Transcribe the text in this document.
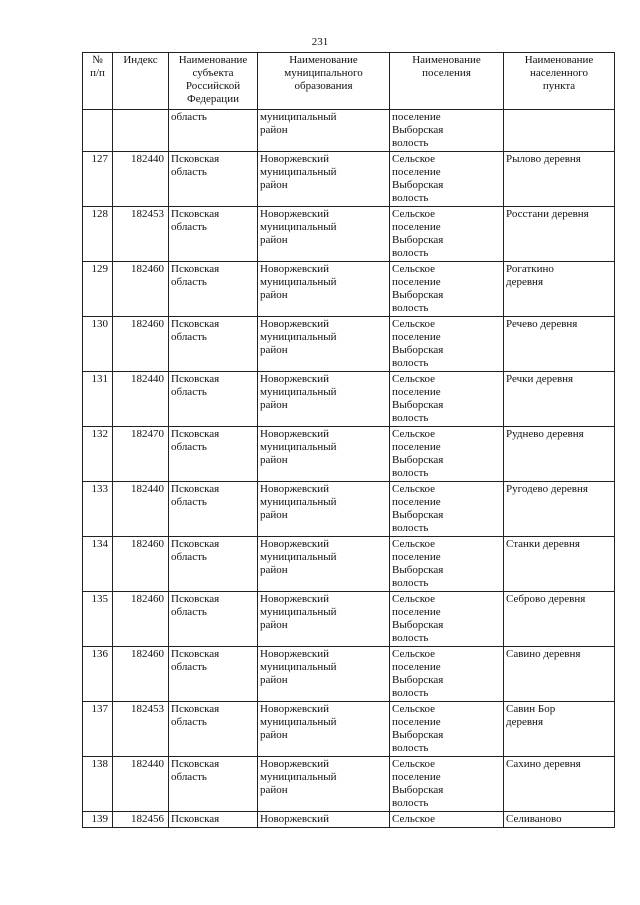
231
№
п/п	Индекс	Наименование
субъекта
Российской
Федерации	Наименование
муниципального
образования	Наименование
поселения	Наименование
населенного
пункта
		область	муниципальный
район	поселение
Выборская
волость	
127	182440	Псковская
область	Новоржевский
муниципальный
район	Сельское
поселение
Выборская
волость	Рылово деревня
128	182453	Псковская
область	Новоржевский
муниципальный
район	Сельское
поселение
Выборская
волость	Росстани деревня
129	182460	Псковская
область	Новоржевский
муниципальный
район	Сельское
поселение
Выборская
волость	Рогаткино
деревня
130	182460	Псковская
область	Новоржевский
муниципальный
район	Сельское
поселение
Выборская
волость	Речево деревня
131	182440	Псковская
область	Новоржевский
муниципальный
район	Сельское
поселение
Выборская
волость	Речки деревня
132	182470	Псковская
область	Новоржевский
муниципальный
район	Сельское
поселение
Выборская
волость	Руднево деревня
133	182440	Псковская
область	Новоржевский
муниципальный
район	Сельское
поселение
Выборская
волость	Ругодево деревня
134	182460	Псковская
область	Новоржевский
муниципальный
район	Сельское
поселение
Выборская
волость	Станки деревня
135	182460	Псковская
область	Новоржевский
муниципальный
район	Сельское
поселение
Выборская
волость	Себрово деревня
136	182460	Псковская
область	Новоржевский
муниципальный
район	Сельское
поселение
Выборская
волость	Савино деревня
137	182453	Псковская
область	Новоржевский
муниципальный
район	Сельское
поселение
Выборская
волость	Савин Бор
деревня
138	182440	Псковская
область	Новоржевский
муниципальный
район	Сельское
поселение
Выборская
волость	Сахино деревня
139	182456	Псковская	Новоржевский	Сельское	Селиваново
